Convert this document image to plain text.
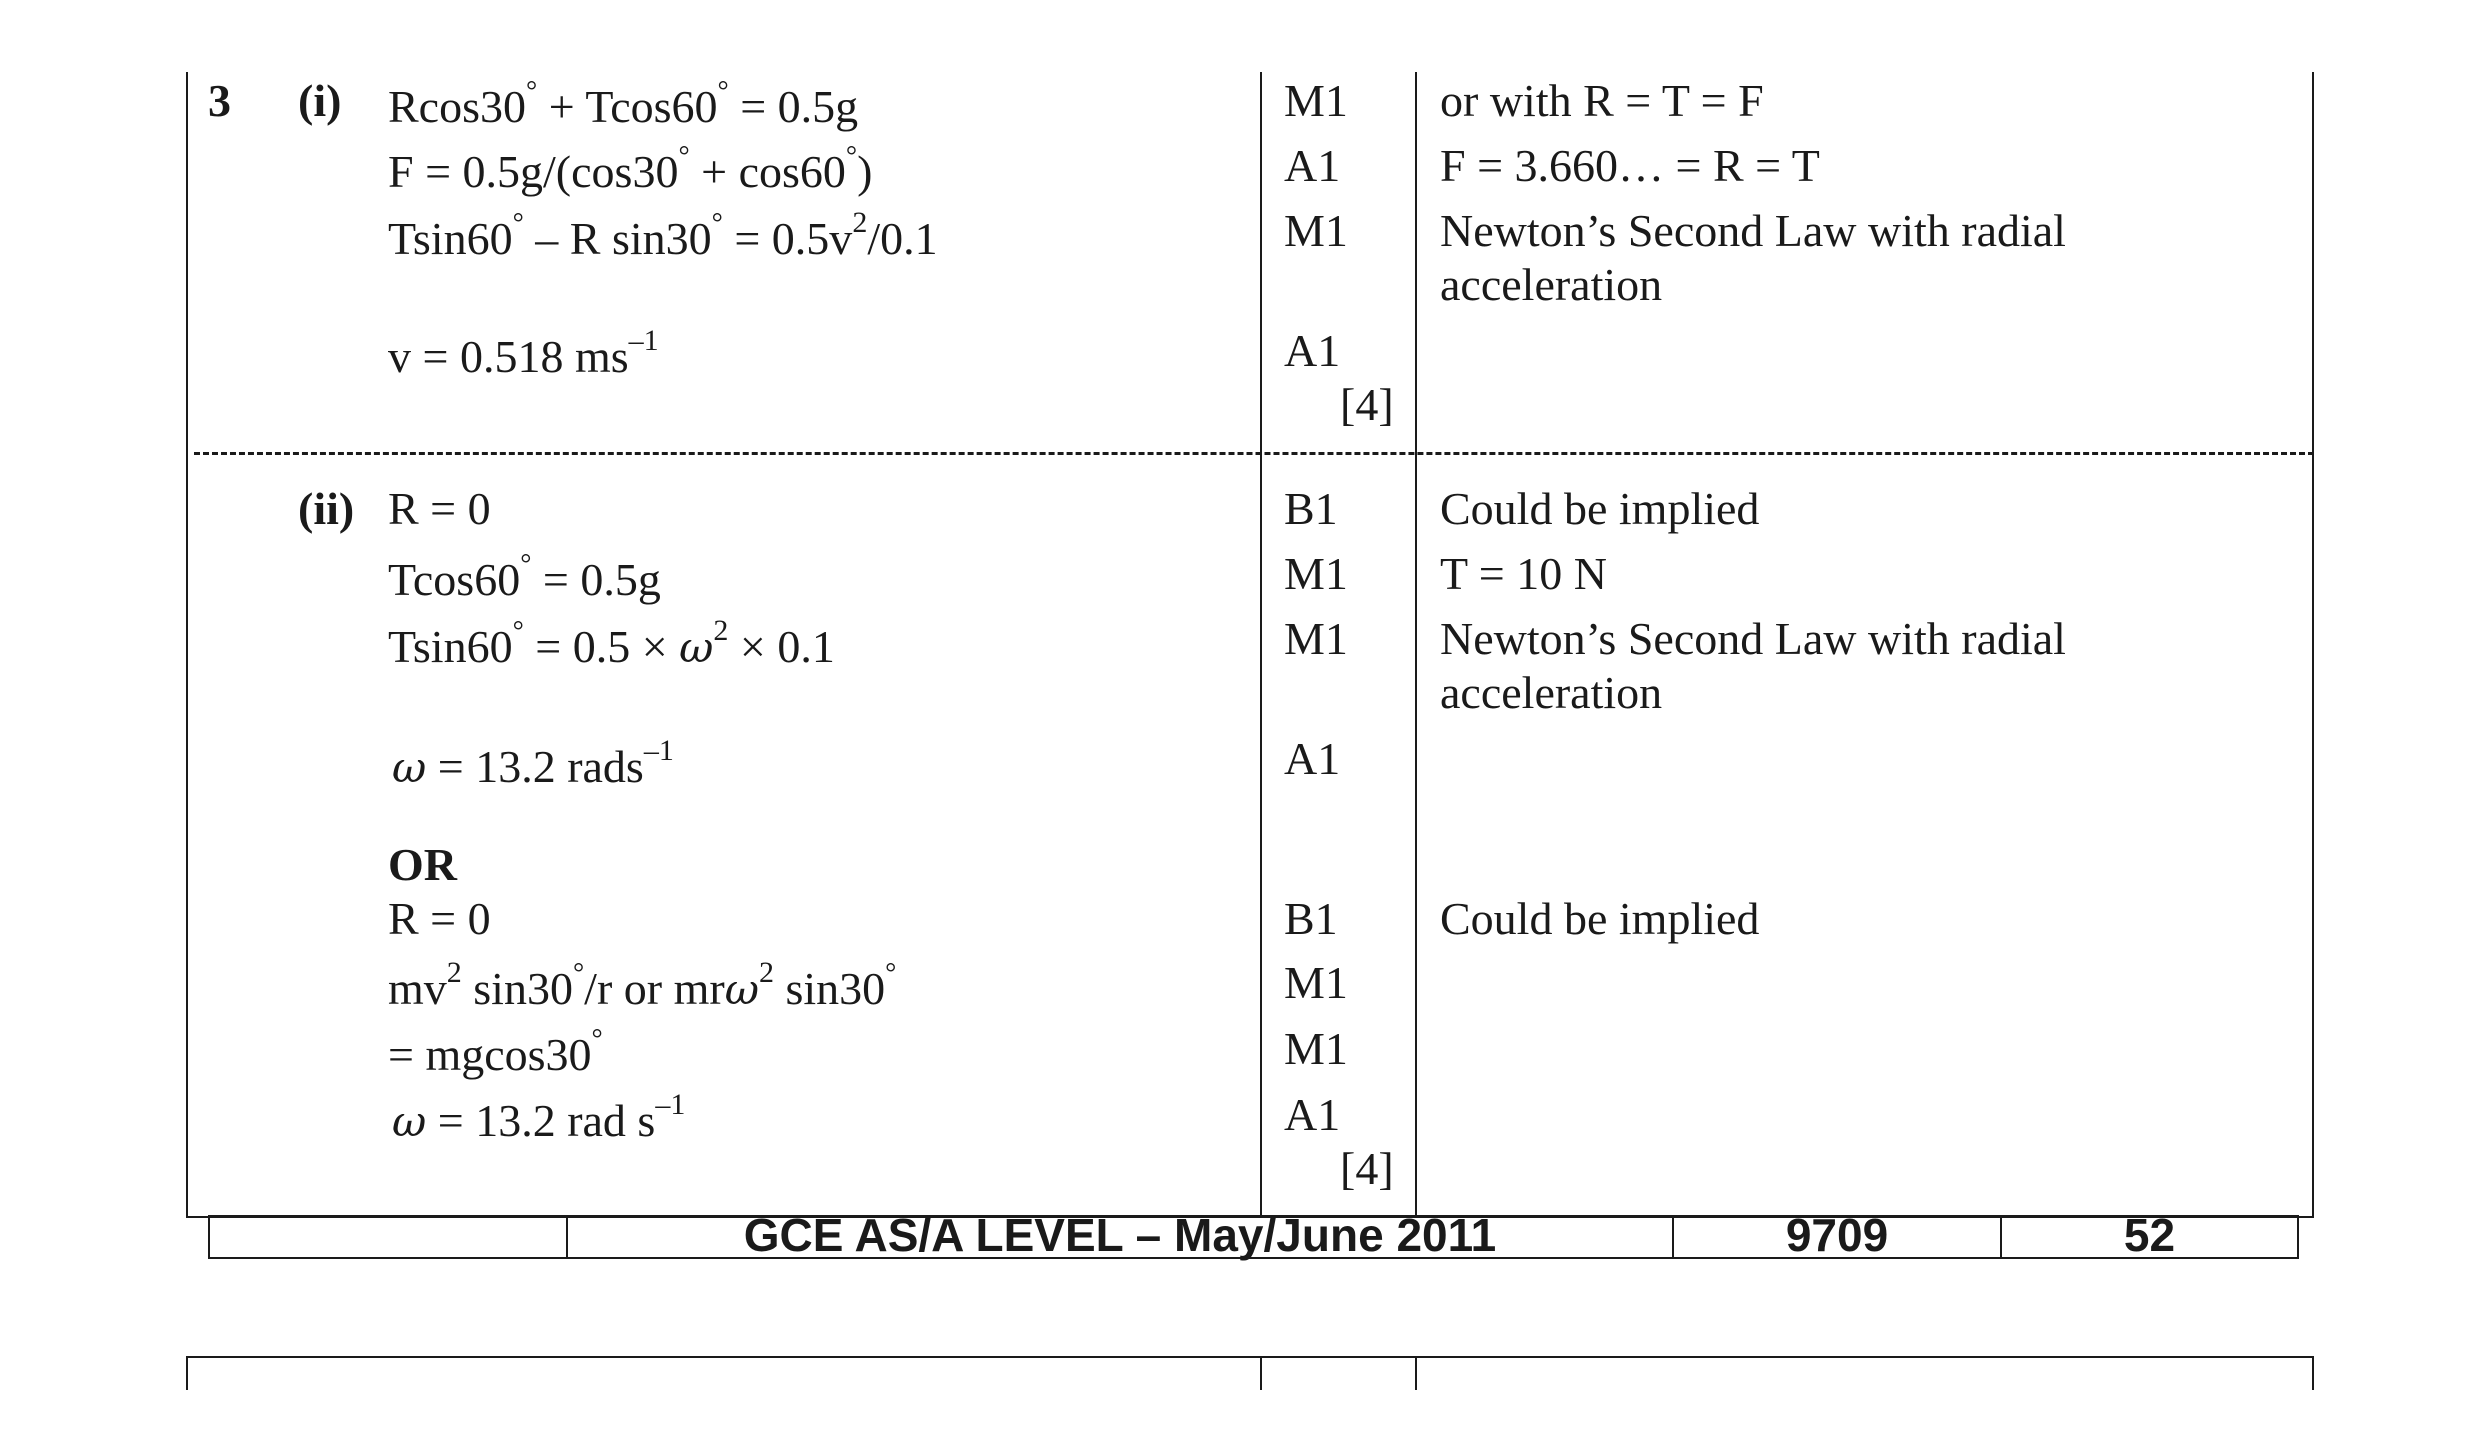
3 (i) Rcos30° + Tcos60° = 0.5g
F = 0.5g/(cos30° + cos60°)
Tsin60° – R $\sin 30^\circ = 0.5v^2/0.1$
v = 0.518 $ms^{-1}$
M1
A1
M1
A1
[4]
or with R = T = F
F = 3.660… = R = T
Newton’s Second Law with radial
acceleration
(ii) R = 0
Tcos60° = 0.5g
$Tsin60^\circ = 0.5 \times \omega^2 \times 0.1$
ω = 13.2 rads$^{-1}$
OR
R = 0
$mv^2$ sin30°/r or mrω$^2$ sin30°
= mgcos30°
ω = 13.2 rad $s^{-1}$
B1
M1
M1
A1
B1
M1
M1
A1
[4]
Could be implied
T = 10 N
Newton’s Second Law with radial
acceleration
Could be implied
GCE AS/A LEVEL – May/June 2011	9709	52
